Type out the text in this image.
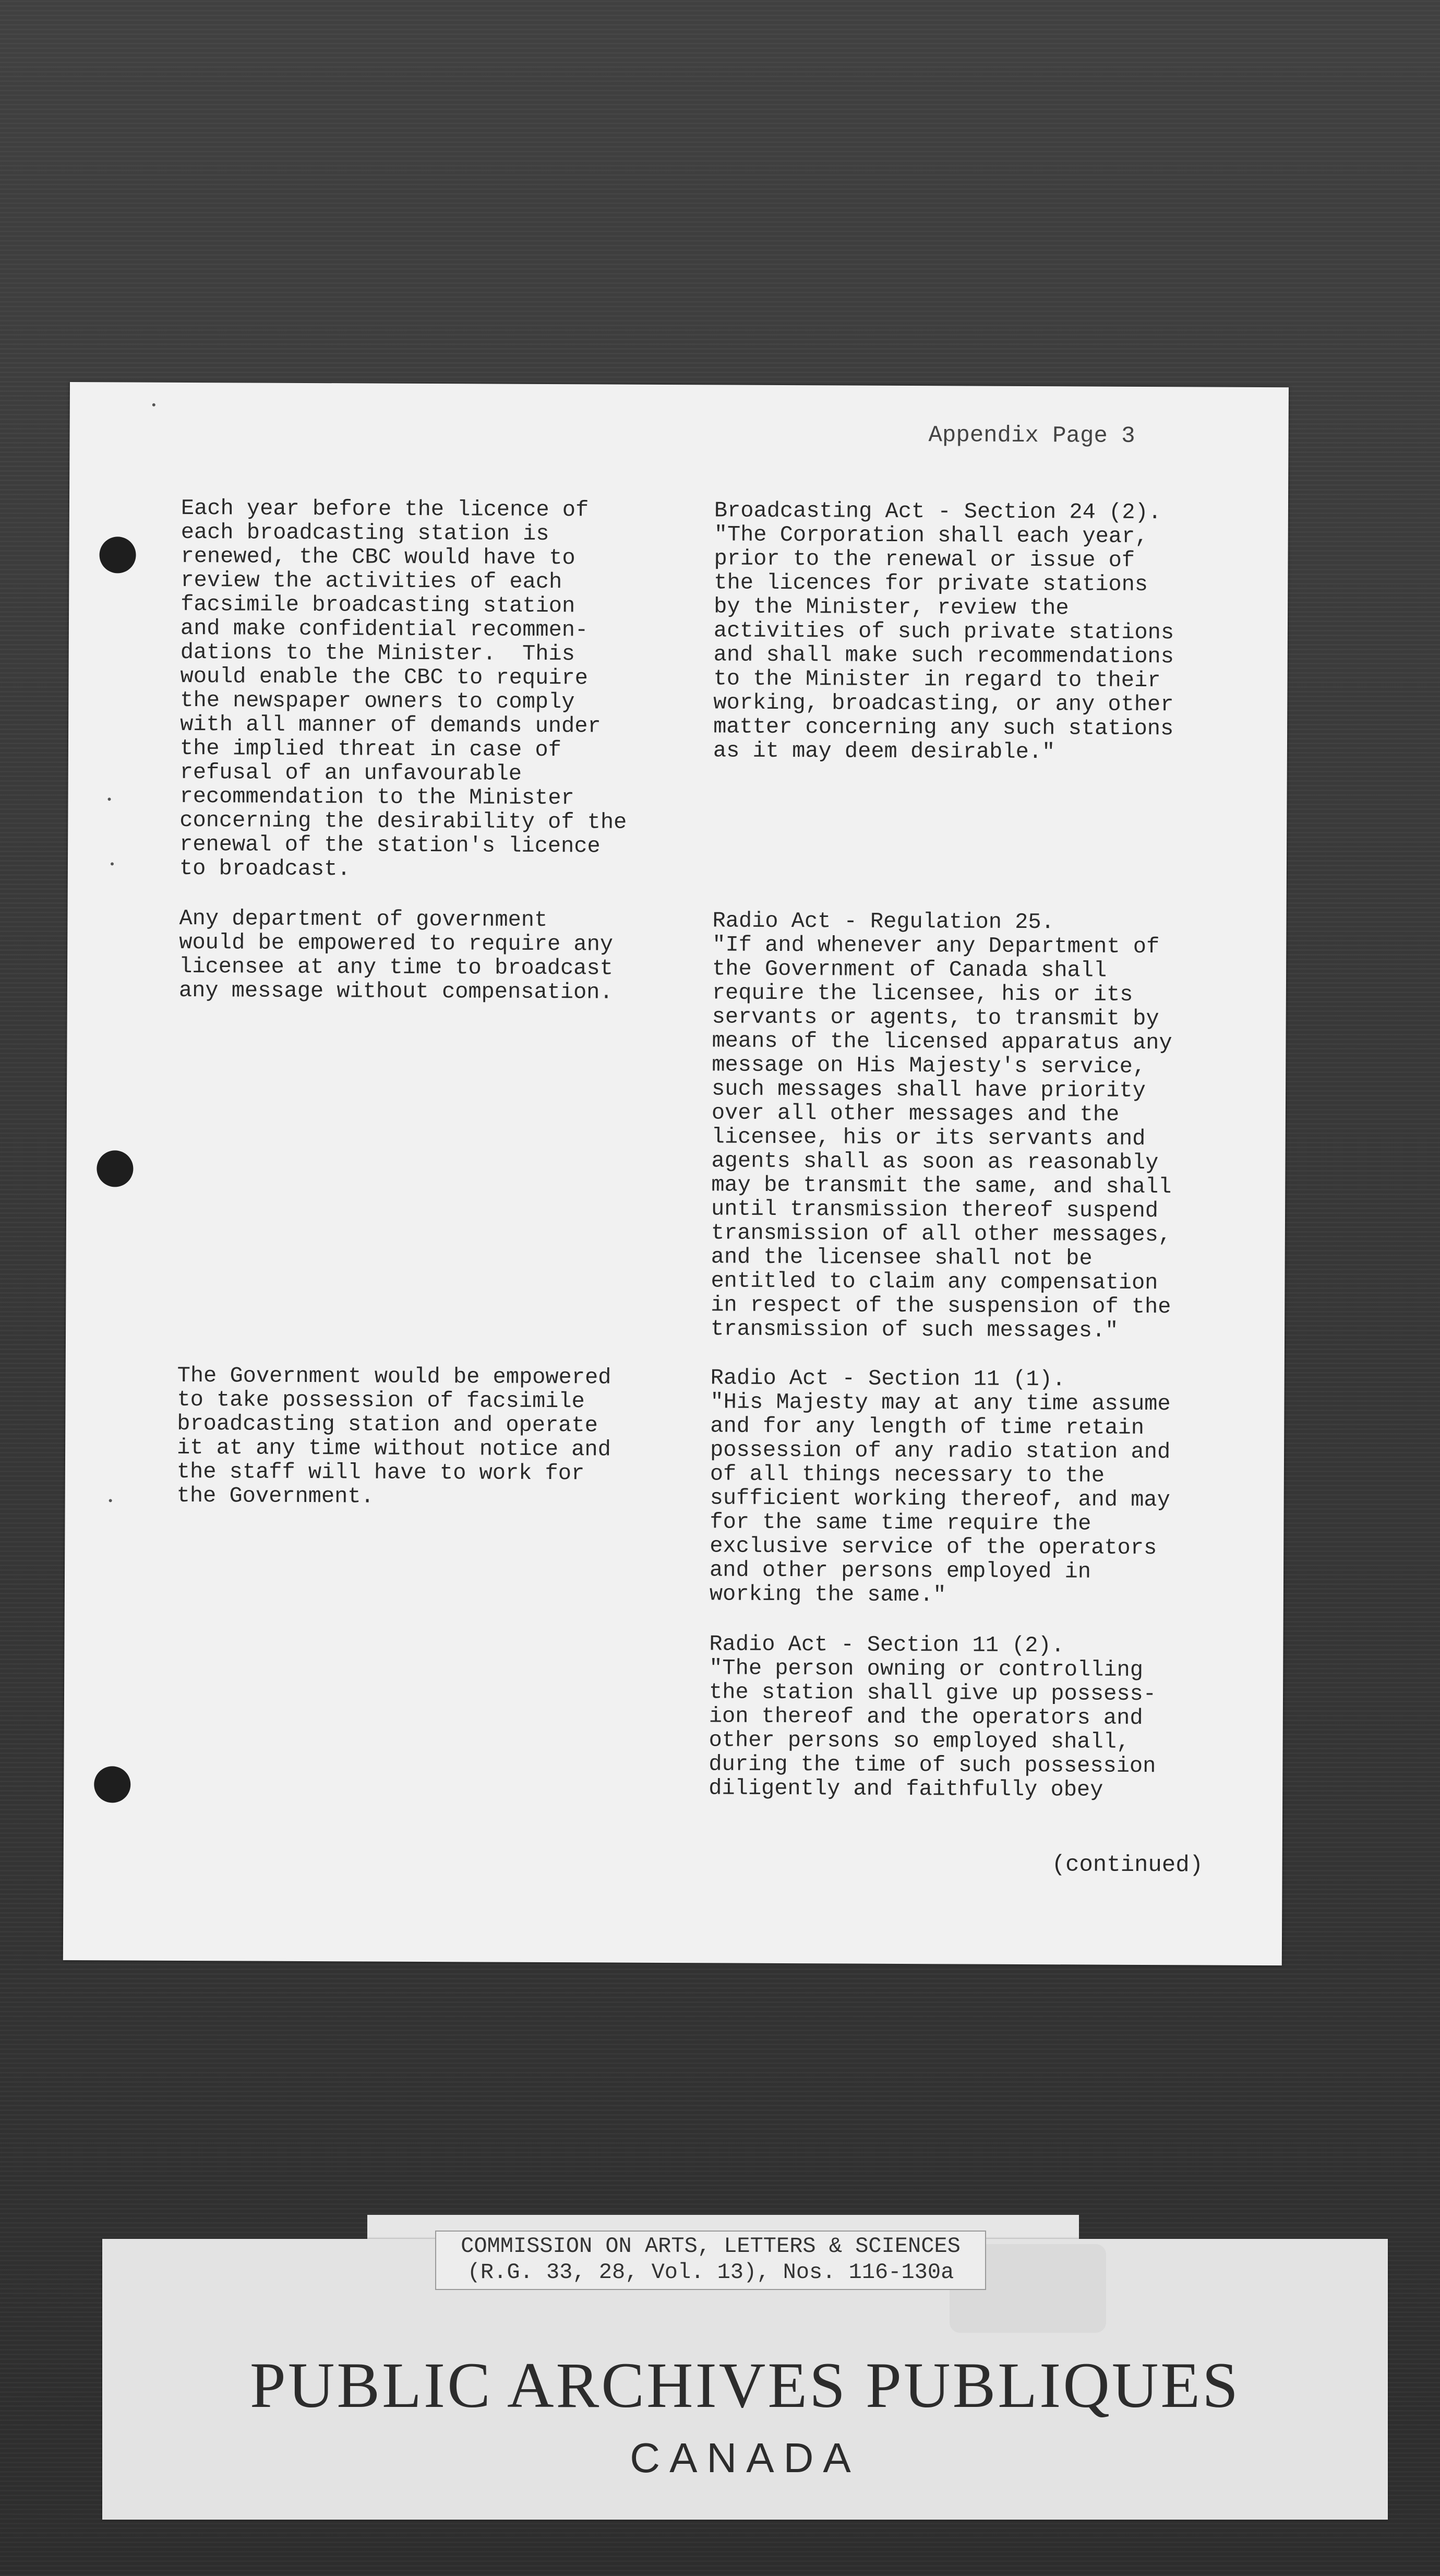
Appendix Page 3
Each year before the licence of
each broadcasting station is
renewed, the CBC would have to
review the activities of each
facsimile broadcasting station
and make confidential recommen-
dations to the Minister.  This
would enable the CBC to require
the newspaper owners to comply
with all manner of demands under
the implied threat in case of
refusal of an unfavourable
recommendation to the Minister
concerning the desirability of the
renewal of the station's licence
to broadcast.
Broadcasting Act - Section 24 (2).
"The Corporation shall each year,
prior to the renewal or issue of
the licences for private stations
by the Minister, review the
activities of such private stations
and shall make such recommendations
to the Minister in regard to their
working, broadcasting, or any other
matter concerning any such stations
as it may deem desirable."
Any department of government
would be empowered to require any
licensee at any time to broadcast
any message without compensation.
Radio Act - Regulation 25.
"If and whenever any Department of
the Government of Canada shall
require the licensee, his or its
servants or agents, to transmit by
means of the licensed apparatus any
message on His Majesty's service,
such messages shall have priority
over all other messages and the
licensee, his or its servants and
agents shall as soon as reasonably
may be transmit the same, and shall
until transmission thereof suspend
transmission of all other messages,
and the licensee shall not be
entitled to claim any compensation
in respect of the suspension of the
transmission of such messages."
The Government would be empowered
to take possession of facsimile
broadcasting station and operate
it at any time without notice and
the staff will have to work for
the Government.
Radio Act - Section 11 (1).
"His Majesty may at any time assume
and for any length of time retain
possession of any radio station and
of all things necessary to the
sufficient working thereof, and may
for the same time require the
exclusive service of the operators
and other persons employed in
working the same."
Radio Act - Section 11 (2).
"The person owning or controlling
the station shall give up possess-
ion thereof and the operators and
other persons so employed shall,
during the time of such possession
diligently and faithfully obey
(continued)
COMMISSION ON ARTS, LETTERS & SCIENCES
(R.G. 33, 28, Vol. 13), Nos. 116-130a
PUBLIC ARCHIVES PUBLIQUES
CANADA
